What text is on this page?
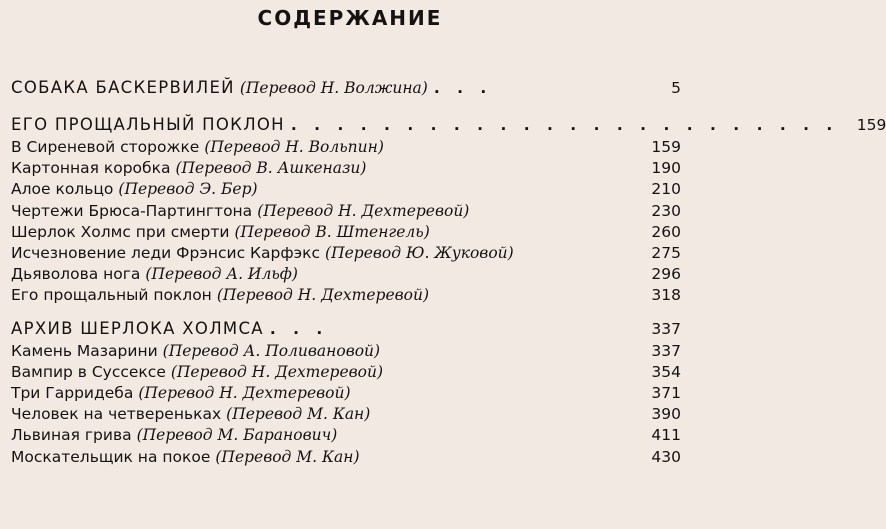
СОДЕРЖАНИЕ
СОБАКА БАСКЕРВИЛЕЙ (Перевод Н. Волжина) . . .	5
ЕГО ПРОЩАЛЬНЫЙ ПОКЛОН . . . . . . . . . . . . . . . . . . . . . . . .	159
В Сиреневой сторожке (Перевод Н. Вольпин)	159
Картонная коробка (Перевод В. Ашкенази)	190
Алое кольцо (Перевод Э. Бер)	210
Чертежи Брюса-Партингтона (Перевод Н. Дехтеревой)	230
Шерлок Холмс при смерти (Перевод В. Штенгель)	260
Исчезновение леди Фрэнсис Карфэкс (Перевод Ю. Жуковой)	275
Дьяволова нога (Перевод А. Ильф)	296
Его прощальный поклон (Перевод Н. Дехтеревой)	318
АРХИВ ШЕРЛОКА ХОЛМСА . . .	337
Камень Мазарини (Перевод А. Поливановой)	337
Вампир в Суссексе (Перевод Н. Дехтеревой)	354
Три Гарридеба (Перевод Н. Дехтеревой)	371
Человек на четвереньках (Перевод М. Кан)	390
Львиная грива (Перевод М. Баранович)	411
Москательщик на покое (Перевод М. Кан)	430
